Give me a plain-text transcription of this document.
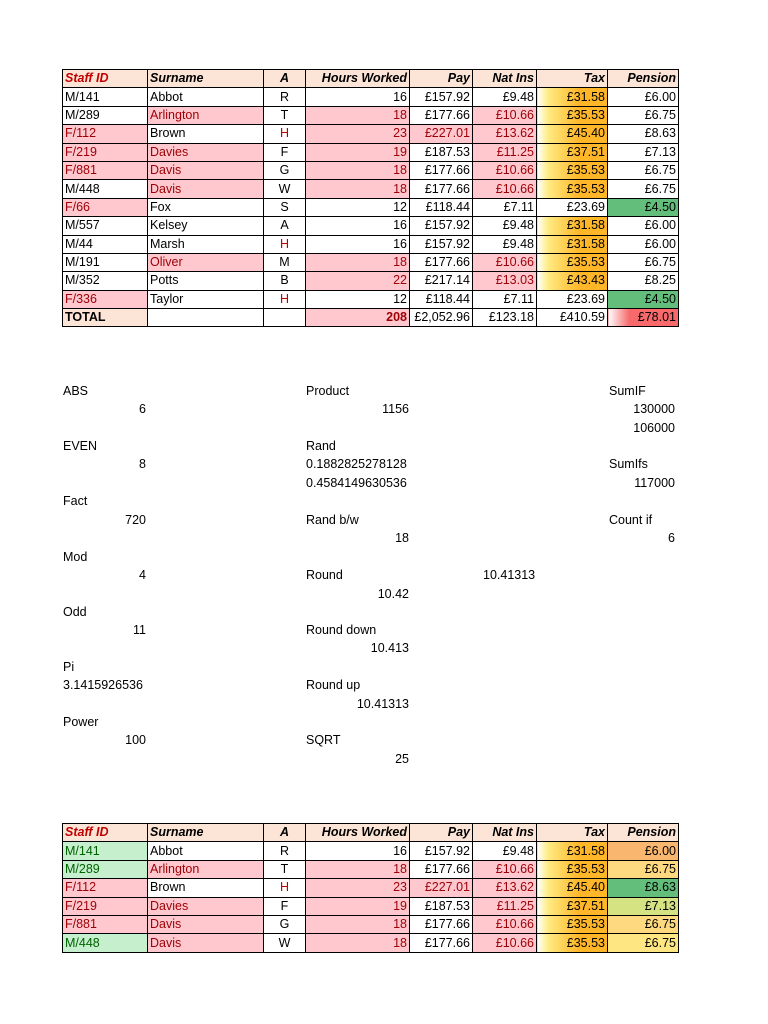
Staff ID	Surname	A	Hours Worked	Pay	Nat Ins	Tax	Pension
M/141	Abbot	R	16	£157.92	£9.48	£31.58	£6.00
M/289	Arlington	T	18	£177.66	£10.66	£35.53	£6.75
F/112	Brown	H	23	£227.01	£13.62	£45.40	£8.63
F/219	Davies	F	19	£187.53	£11.25	£37.51	£7.13
F/881	Davis	G	18	£177.66	£10.66	£35.53	£6.75
M/448	Davis	W	18	£177.66	£10.66	£35.53	£6.75
F/66	Fox	S	12	£118.44	£7.11	£23.69	£4.50
M/557	Kelsey	A	16	£157.92	£9.48	£31.58	£6.00
M/44	Marsh	H	16	£157.92	£9.48	£31.58	£6.00
M/191	Oliver	M	18	£177.66	£10.66	£35.53	£6.75
M/352	Potts	B	22	£217.14	£13.03	£43.43	£8.25
F/336	Taylor	H	12	£118.44	£7.11	£23.69	£4.50
TOTAL			208	£2,052.96	£123.18	£410.59	£78.01
ABS
6
EVEN
8
Fact
720
Mod
4
Odd
11
Pi
3.1415926536
Power
100
Product
1156
Rand
0.1882825278128
0.4584149630536
Rand b/w
18
Round	10.41313
10.42
Round down
10.413
Round up
10.41313
SQRT
25
SumIF
130000
106000
SumIfs
117000
Count if
6
Staff ID	Surname	A	Hours Worked	Pay	Nat Ins	Tax	Pension
M/141	Abbot	R	16	£157.92	£9.48	£31.58	£6.00
M/289	Arlington	T	18	£177.66	£10.66	£35.53	£6.75
F/112	Brown	H	23	£227.01	£13.62	£45.40	£8.63
F/219	Davies	F	19	£187.53	£11.25	£37.51	£7.13
F/881	Davis	G	18	£177.66	£10.66	£35.53	£6.75
M/448	Davis	W	18	£177.66	£10.66	£35.53	£6.75
